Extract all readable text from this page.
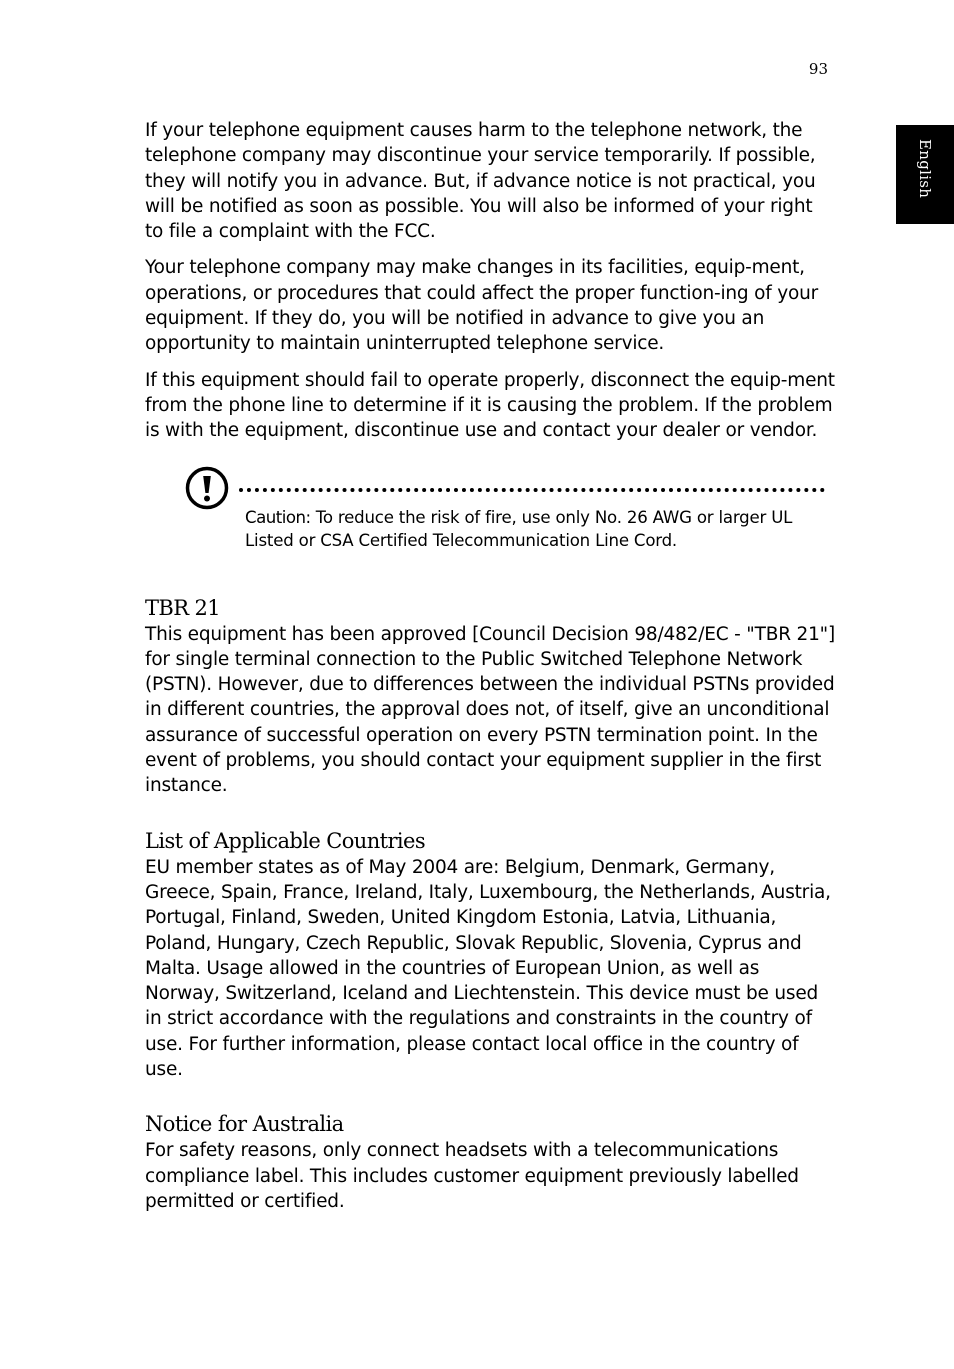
93
English

If your telephone equipment causes harm to the telephone network, the telephone company may discontinue your service temporarily. If possible, they will notify you in advance. But, if advance notice is not practical, you will be notified as soon as possible. You will also be informed of your right to file a complaint with the FCC.

Your telephone company may make changes in its facilities, equip-ment, operations, or procedures that could affect the proper function-ing of your equipment. If they do, you will be notified in advance to give you an opportunity to maintain uninterrupted telephone service.

If this equipment should fail to operate properly, disconnect the equip-ment from the phone line to determine if it is causing the problem. If the problem is with the equipment, discontinue use and contact your dealer or vendor.

Caution: To reduce the risk of fire, use only No. 26 AWG or larger UL Listed or CSA Certified Telecommunication Line Cord.
TBR 21

This equipment has been approved [Council Decision 98/482/EC - "TBR 21"] for single terminal connection to the Public Switched Telephone Network (PSTN). However, due to differences between the individual PSTNs provided in different countries, the approval does not, of itself, give an unconditional assurance of successful operation on every PSTN termination point. In the event of problems, you should contact your equipment supplier in the first instance.

List of Applicable Countries

EU member states as of May 2004 are: Belgium, Denmark, Germany, Greece, Spain, France, Ireland, Italy, Luxembourg, the Netherlands, Austria, Portugal, Finland, Sweden, United Kingdom Estonia, Latvia, Lithuania, Poland, Hungary, Czech Republic, Slovak Republic, Slovenia, Cyprus and Malta. Usage allowed in the countries of European Union, as well as Norway, Switzerland, Iceland and Liechtenstein. This device must be used in strict accordance with the regulations and constraints in the country of use. For further information, please contact local office in the country of use.

Notice for Australia

For safety reasons, only connect headsets with a telecommunications compliance label. This includes customer equipment previously labelled permitted or certified.
